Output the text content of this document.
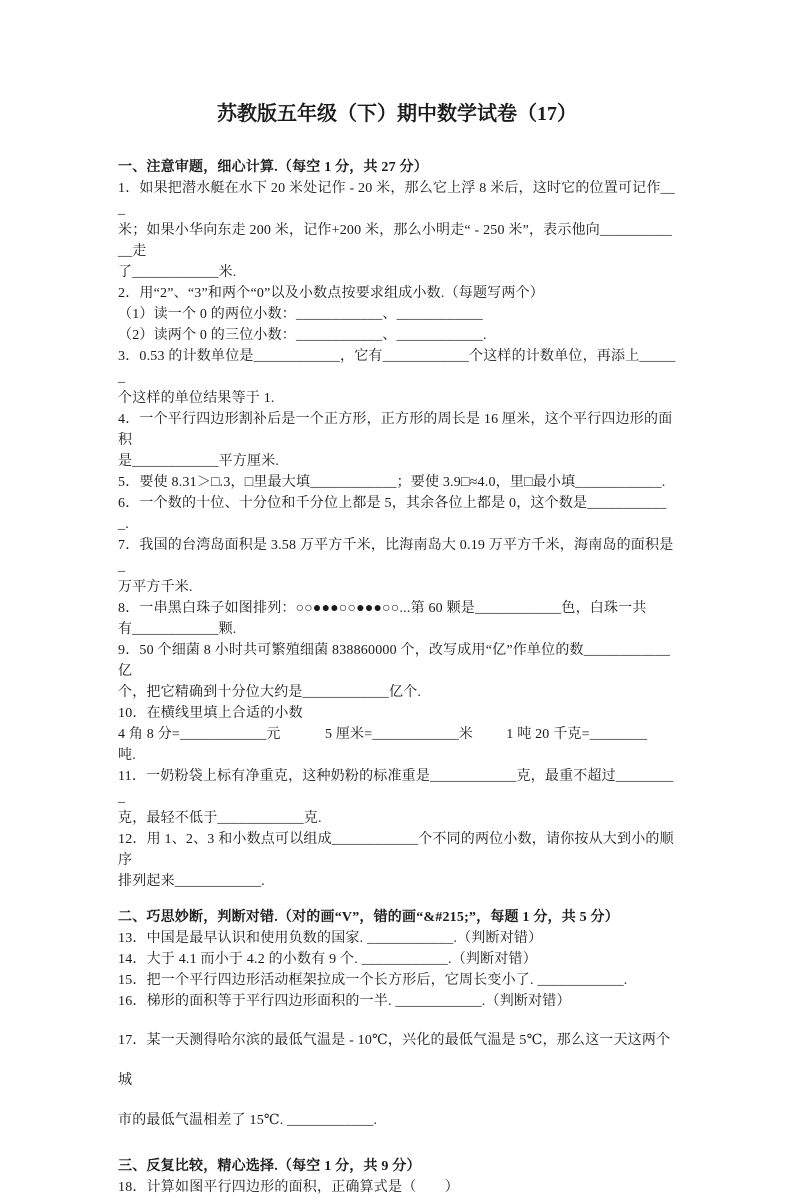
苏教版五年级（下）期中数学试卷（17）
一、注意审题，细心计算.（每空 1 分，共 27 分）
1．如果把潜水艇在水下 20 米处记作 - 20 米，那么它上浮 8 米后，这时它的位置可记作___
米；如果小华向东走 200 米，记作+200 米，那么小明走“ - 250 米”，表示他向____________走
了____________米.
2．用“2”、“3”和两个“0”以及小数点按要求组成小数.（每题写两个）
（1）读一个 0 的两位小数：____________、____________
（2）读两个 0 的三位小数：____________、____________.
3．0.53 的计数单位是____________，它有____________个这样的计数单位，再添上______
个这样的单位结果等于 1.
4．一个平行四边形割补后是一个正方形，正方形的周长是 16 厘米，这个平行四边形的面积
是____________平方厘米.
5．要使 8.31＞□.3，□里最大填____________；要使 3.9□≈4.0，里□最小填____________.
6．一个数的十位、十分位和千分位上都是 5，其余各位上都是 0，这个数是____________.
7．我国的台湾岛面积是 3.58 万平方千米，比海南岛大 0.19 万平方千米，海南岛的面积是_
万平方千米.
8．一串黑白珠子如图排列：○○●●●○○●●●○○...第 60 颗是____________色，白珠一共
有____________颗.
9．50 个细菌 8 小时共可繁殖细菌 838860000 个，改写成用“亿”作单位的数____________ 亿
个，把它精确到十分位大约是____________亿个.
10．在横线里填上合适的小数
4 角 8 分=____________元            5 厘米=____________米         1 吨 20 千克=________
吨.
11．一奶粉袋上标有净重克，这种奶粉的标准重是____________克，最重不超过_________
克，最轻不低于____________克.
12．用 1、2、3 和小数点可以组成____________个不同的两位小数，请你按从大到小的顺序
排列起来____________.
二、巧思妙断，判断对错.（对的画“V”，错的画“&#215;”，每题 1 分，共 5 分）
13．中国是最早认识和使用负数的国家. ____________.（判断对错）
14．大于 4.1 而小于 4.2 的小数有 9 个. ____________.（判断对错）
15．把一个平行四边形活动框架拉成一个长方形后，它周长变小了. ____________.
16．梯形的面积等于平行四边形面积的一半. ____________.（判断对错）
17．某一天测得哈尔滨的最低气温是 - 10℃，兴化的最低气温是 5℃，那么这一天这两个 城
市的最低气温相差了 15℃. ____________.
三、反复比较，精心选择.（每空 1 分，共 9 分）
18．计算如图平行四边形的面积，正确算式是（　　）
